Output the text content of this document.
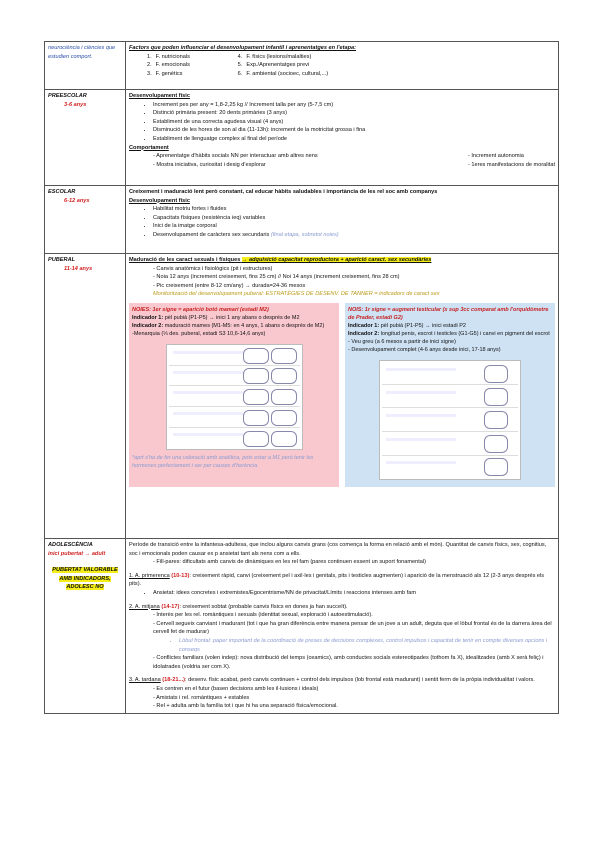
neurociència i ciències que estudien comport.	
Factors que poden influenciar el desenvolupament infantil i aprenentatges en l'etapa:
1.	F. nutricionals	4.	F. físics (lesions/malalties)
2.	F. emocionals	5.	Exp./Aprenentatges previ
3.	F. genètics	6.	F. ambiental (socioec, cultural,...)

PREESCOLAR
3-6 anys

Desenvolupament físic
• Increment pes per any = 1,8-2,25 kg // Increment talla per any (5-7,5 cm)
• Distinció primària present: 20 dents primàries (3 anys)
• Establiment de una correcta agudesa visual (4 anys)
• Disminució de les hores de son al dia (11-13h): increment de la motricitat grossa i fina
• Establiment de llenguatge complex al final del període
Comportament
- Aprenentatge d'hàbits socials NN per interactuar amb altres nens
- Mostra iniciativa, curiositat i desig d'explorar
- Increment autonomia
- 1eres manifestacions de moralitat

ESCOLAR
6-12 anys

Creixement i maduració lent però constant, cal educar hàbits saludables i importància de les rel soc amb companys
Desenvolupament físic
• Habilitat motriu fortes i fluides
• Capacitats físiques (resistència ieq) variables
• Inici de la imatge corporal
• Desenvolupament de caràcters sex secundaris (final etapa, sobretot noies)

PUBERAL
11-14 anys

Maduració de les caract sexuals i físiques → adquisició capacitat reproductora + aparició caract. sex secundàries
- Canvis anatòmics i fisiològics (pit i estructures)
- Noia 12 anys (increment creixement, fins 25 cm) // Noi 14 anys (increment creixement, fins 28 cm)
- Pic creixement (entre 8-12 cm/any) → durada=24-36 mesos
Monitorització del desenvolupament puberal: ESTRATÈGIES DE DESENV. DE TANNER = indicadors de caract sex
NOIES: 1er signe = aparició botó mamari (estadi M2)
Indicador 1: pèl pubià (P1-P5) → inici 1 any abans o després de M2
Indicador 2: maduració mames (M1-M5: en 4 anys, 1 abans o després de M2)
-Menarquia (⅓ des. puberal, estadi S3 10,6-14,6 anys)
*aprt s'ha de fer una valoració amb analítica, pots estar a M1 però tenir les hormones perfectament i ser per causes d'herència
NOIS: 1r signe = augment testicular (x sup 3cc comparat amb l'orquidòmetre de Prader, estadi G2)
Indicador 1: pèl pubià (P1-P5) → inici estadi P2
Indicador 2: longitud penis, escrot i testicles (G1-G5) i canvi en pigment del escrot
- Veu greu (a 6 mesos a partir de inici signe)
- Desenvolupament complet (4-6 anys desde inici, 17-18 anys)

ADOLESCÈNCIA
inici pubertat → adult
PUBERTAT VALORABLE
AMB INDICADORS,
ADOLESC NO

Període de transició entre la infantesa-adultesa, que inclou alguns canvis grans (cos comença la forma en relació amb el món). Quantitat de canvis físics, sex, cognitius, soc i emocionals poden causar ex p ansietat tant als nens com a ells.
- Fill-pares: dificultats amb canvis de dinàmiques en les rel fam (pares continuen essent un suport fonamental)
1. A. primerenca (10-13): creixement ràpid, canvi (creixement pel i axil·les i genitals, pits i testicles augmenten) i aparició de la menstruació als 12 (2-3 anys després els pits).
• Ansietat: idees concretes i extremistes/Egocentrisme/NN de privacitat/Límits i reaccions intenses amb fam
2. A. mitjana (14-17): creixement sobtat (probable canvis físics en dones ja han succeït).
- Interès per les rel. romàntiques i sexuals (identitat sexual, exploració i autoestimulació).
- Cervell segueix canviant i madurant (tot i que ha gran diferència entre manera pensar de un jove a un adult, deguta que el lòbul frontal és de la darrera àrea del cervell fet de madurar)
• Lòbul frontal: paper important de la coordinació de preses de decisions complexes, control impulsos i capacitat de tenir en compte diverses opcions i conseqs
- Conflictes familiars (volen indep): nova distribució del temps (oxamics), amb conductes socials estereotipades (tothom fa X), idealitzades (amb X serà feliç) i idolatrades (voldria ser com X).
3. A. tardana (18-21...): desenv. físic acabat, però canvis continuen + control dels impulsos (lob frontal està madurant) i sentit ferm de la pròpia individualitat i valors.
- Es centren en el futur (basen decisions amb les il·lusions i ideals)
- Amistats i rel. romàntiques + estables
- Rel + adulta amb la família tot i que hi ha una separació física/emocional.
